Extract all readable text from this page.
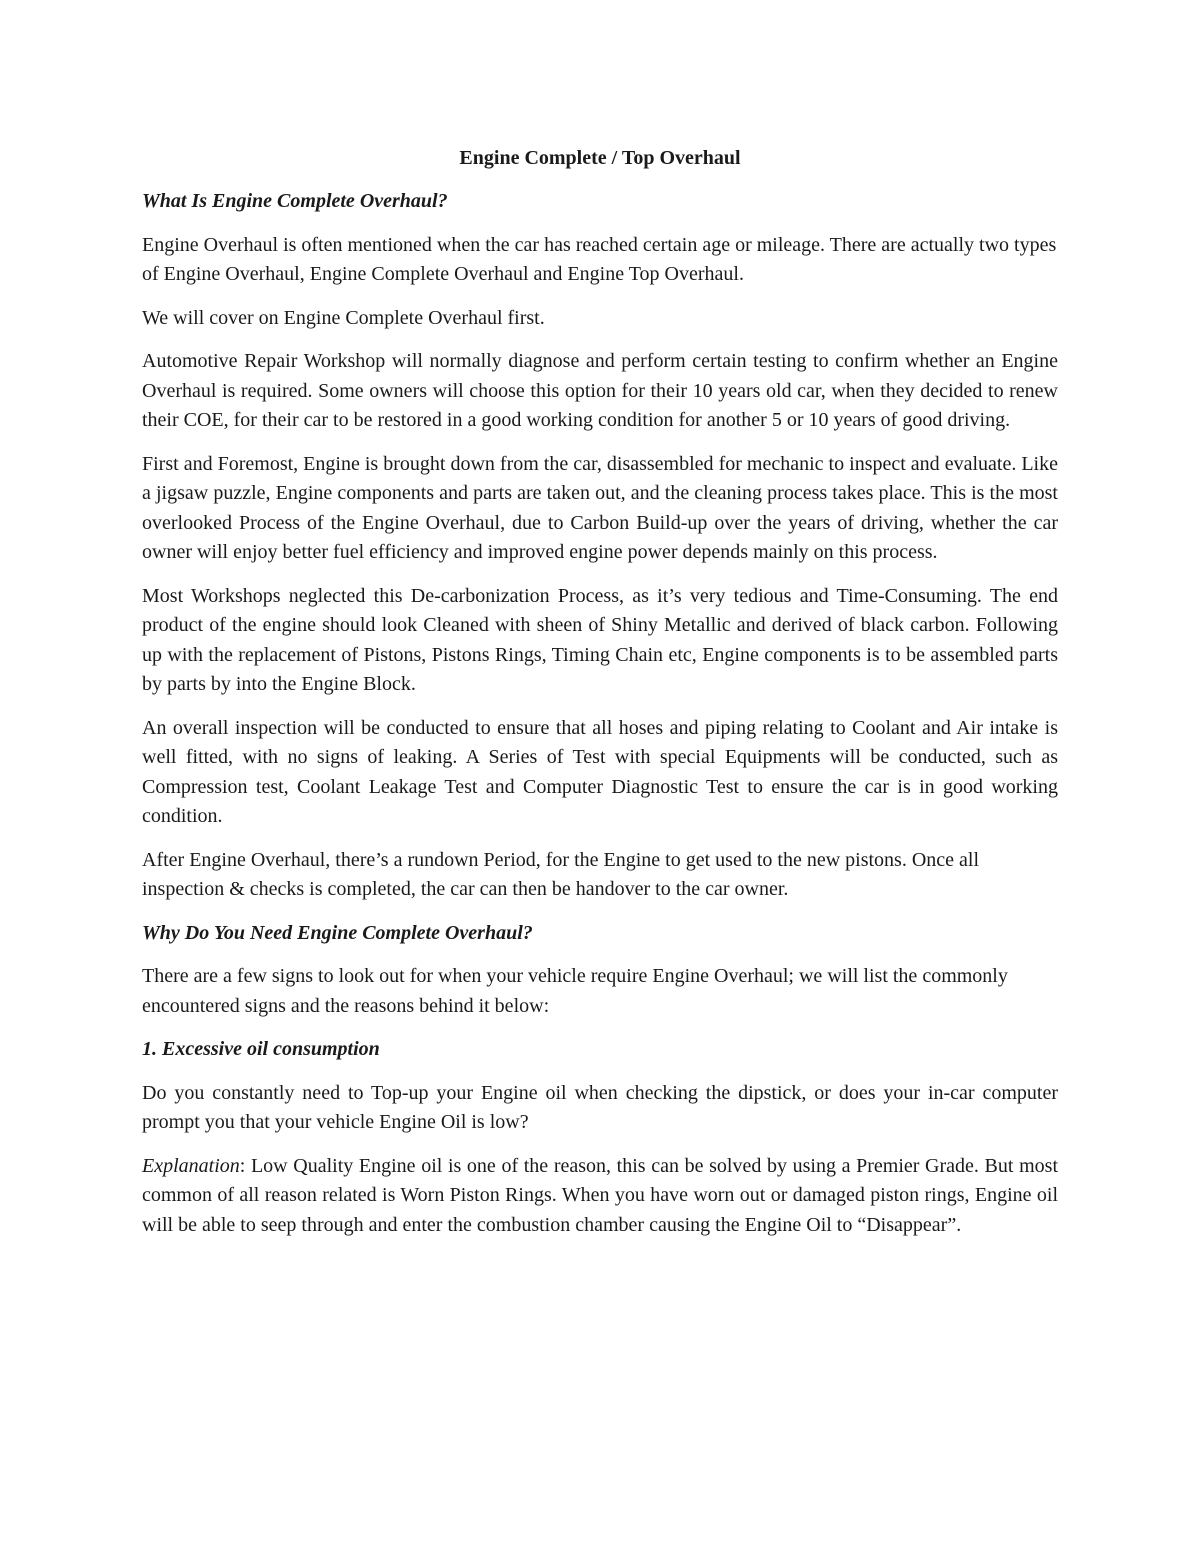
Engine Complete / Top Overhaul

What Is Engine Complete Overhaul?

Engine Overhaul is often mentioned when the car has reached certain age or mileage. There are actually two types of Engine Overhaul, Engine Complete Overhaul and Engine Top Overhaul.

We will cover on Engine Complete Overhaul first.

Automotive Repair Workshop will normally diagnose and perform certain testing to confirm whether an Engine Overhaul is required. Some owners will choose this option for their 10 years old car, when they decided to renew their COE, for their car to be restored in a good working condition for another 5 or 10 years of good driving.

First and Foremost, Engine is brought down from the car, disassembled for mechanic to inspect and evaluate. Like a jigsaw puzzle, Engine components and parts are taken out, and the cleaning process takes place. This is the most overlooked Process of the Engine Overhaul, due to Carbon Build-up over the years of driving, whether the car owner will enjoy better fuel efficiency and improved engine power depends mainly on this process.

Most Workshops neglected this De-carbonization Process, as it’s very tedious and Time-Consuming. The end product of the engine should look Cleaned with sheen of Shiny Metallic and derived of black carbon. Following up with the replacement of Pistons, Pistons Rings, Timing Chain etc, Engine components is to be assembled parts by parts by into the Engine Block.

An overall inspection will be conducted to ensure that all hoses and piping relating to Coolant and Air intake is well fitted, with no signs of leaking. A Series of Test with special Equipments will be conducted, such as Compression test, Coolant Leakage Test and Computer Diagnostic Test to ensure the car is in good working condition.

After Engine Overhaul, there’s a rundown Period, for the Engine to get used to the new pistons. Once all inspection & checks is completed, the car can then be handover to the car owner.

Why Do You Need Engine Complete Overhaul?

There are a few signs to look out for when your vehicle require Engine Overhaul; we will list the commonly encountered signs and the reasons behind it below:

1. Excessive oil consumption

Do you constantly need to Top-up your Engine oil when checking the dipstick, or does your in-car computer prompt you that your vehicle Engine Oil is low?

Explanation: Low Quality Engine oil is one of the reason, this can be solved by using a Premier Grade. But most common of all reason related is Worn Piston Rings. When you have worn out or damaged piston rings, Engine oil will be able to seep through and enter the combustion chamber causing the Engine Oil to “Disappear”.
